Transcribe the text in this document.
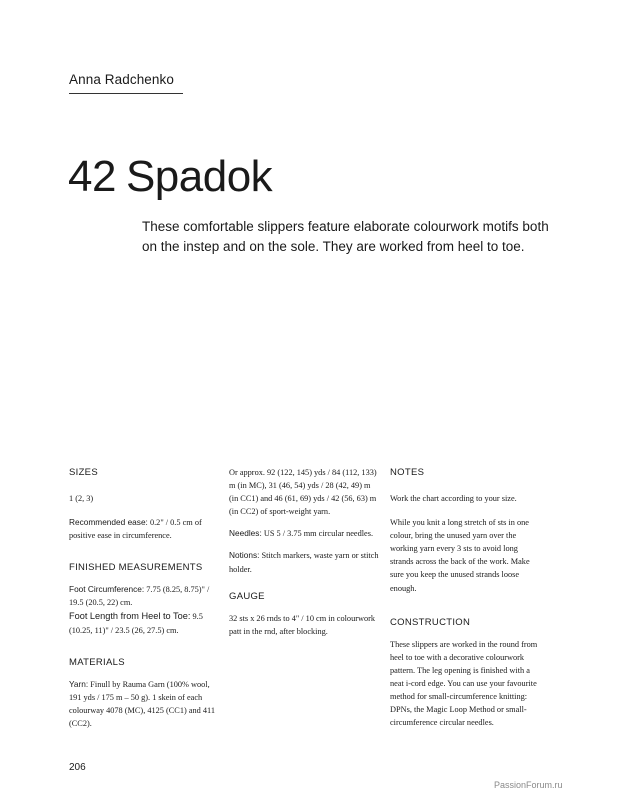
Anna Radchenko
42 Spadok

These comfortable slippers feature elaborate colourwork motifs both on the instep and on the sole. They are worked from heel to toe.

SIZES
1 (2, 3)
Recommended ease: 0.2" / 0.5 cm of positive ease in circumference.
FINISHED MEASUREMENTS
Foot Circumference: 7.75 (8.25, 8.75)" / 19.5 (20.5, 22) cm.
Foot Length from Heel to Toe: 9.5 (10.25, 11)" / 23.5 (26, 27.5) cm.
MATERIALS
Yarn: Finull by Rauma Garn (100% wool, 191 yds / 175 m – 50 g). 1 skein of each colourway 4078 (MC), 4125 (CC1) and 411 (CC2).
Or approx. 92 (122, 145) yds / 84 (112, 133) m (in MC), 31 (46, 54) yds / 28 (42, 49) m (in CC1) and 46 (61, 69) yds / 42 (56, 63) m (in CC2) of sport-weight yarn.
Needles: US 5 / 3.75 mm circular needles.
Notions: Stitch markers, waste yarn or stitch holder.
GAUGE
32 sts x 26 rnds to 4" / 10 cm in colourwork patt in the rnd, after blocking.
NOTES
Work the chart according to your size.
While you knit a long stretch of sts in one colour, bring the unused yarn over the working yarn every 3 sts to avoid long strands across the back of the work. Make sure you keep the unused strands loose enough.
CONSTRUCTION
These slippers are worked in the round from heel to toe with a decorative colourwork pattern. The leg opening is finished with a neat i-cord edge. You can use your favourite method for small-circumference knitting: DPNs, the Magic Loop Method or small-circumference circular needles.
206
PassionForum.ru
